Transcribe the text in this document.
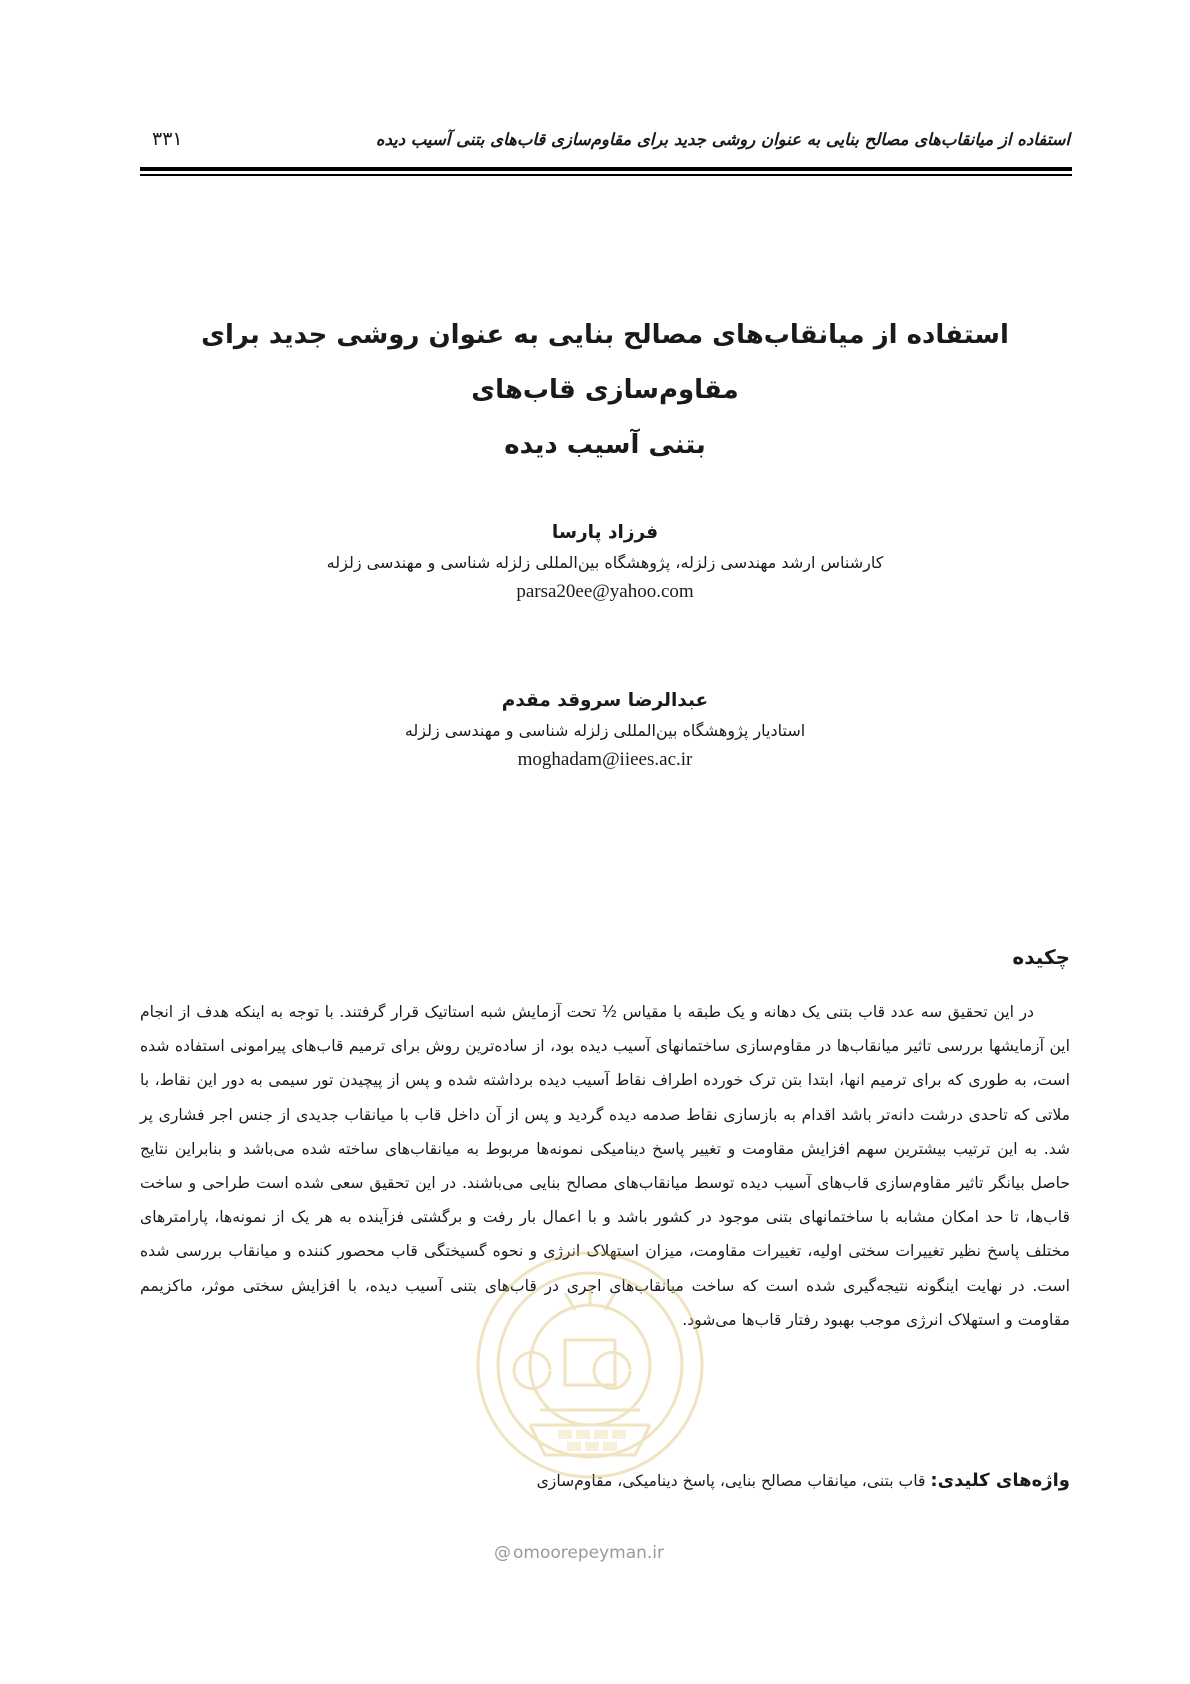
استفاده از میانقاب‌های مصالح بنایی به عنوان روشی جدید برای مقاوم‌سازی قاب‌های بتنی آسیب دیده
۳۳۱
استفاده از میانقاب‌های مصالح بنایی به عنوان روشی جدید برای مقاوم‌سازی قاب‌های
بتنی آسیب دیده

فرزاد پارسا

کارشناس ارشد مهندسی زلزله، پژوهشگاه بین‌المللی زلزله شناسی و مهندسی زلزله

parsa20ee@yahoo.com

عبدالرضا سروقد مقدم

استادیار پژوهشگاه بین‌المللی زلزله شناسی و مهندسی زلزله

moghadam@iiees.ac.ir

چکیده

در این تحقیق سه عدد قاب بتنی یک دهانه و یک طبقه با مقیاس ½ تحت آزمایش شبه استاتیک قرار گرفتند. با توجه به اینکه هدف از انجام این آزمایشها بررسی تاثیر میانقاب‌ها در مقاوم‌سازی ساختمانهای آسیب دیده بود، از ساده‌ترین روش برای ترمیم قاب‌های پیرامونی استفاده شده است، به طوری که برای ترمیم انها، ابتدا بتن ترک خورده اطراف نقاط آسیب دیده برداشته شده و پس از پیچیدن تور سیمی به دور این نقاط، با ملاتی که تاحدی درشت دانه‌تر باشد اقدام به بازسازی نقاط صدمه دیده گردید و پس از آن داخل قاب با میانقاب جدیدی از جنس اجر فشاری پر شد. به این ترتیب بیشترین سهم افزایش مقاومت و تغییر پاسخ دینامیکی نمونه‌ها مربوط به میانقاب‌های ساخته شده می‌باشد و بنابراین نتایج حاصل بیانگر تاثیر مقاوم‌سازی قاب‌های آسیب دیده توسط میانقاب‌های مصالح بنایی می‌باشند. در این تحقیق سعی شده است طراحی و ساخت قاب‌ها، تا حد امکان مشابه با ساختمانهای بتنی موجود در کشور باشد و با اعمال بار رفت و برگشتی فزآینده به هر یک از نمونه‌ها، پارامترهای مختلف پاسخ نظیر تغییرات سختی اولیه، تغییرات مقاومت، میزان استهلاک انرژی و نحوه گسیختگی قاب محصور کننده و میانقاب بررسی شده است. در نهایت اینگونه نتیجه‌گیری شده است که ساخت میانقاب‌های اجری در قاب‌های بتنی آسیب دیده، با افزایش سختی موثر، ماکزیمم مقاومت و استهلاک انرژی موجب بهبود رفتار قاب‌ها می‌شود.

واژه‌های کلیدی: قاب بتنی، میانقاب مصالح بنایی، پاسخ دینامیکی، مقاوم‌سازی

@ omoorepeyman.ir
